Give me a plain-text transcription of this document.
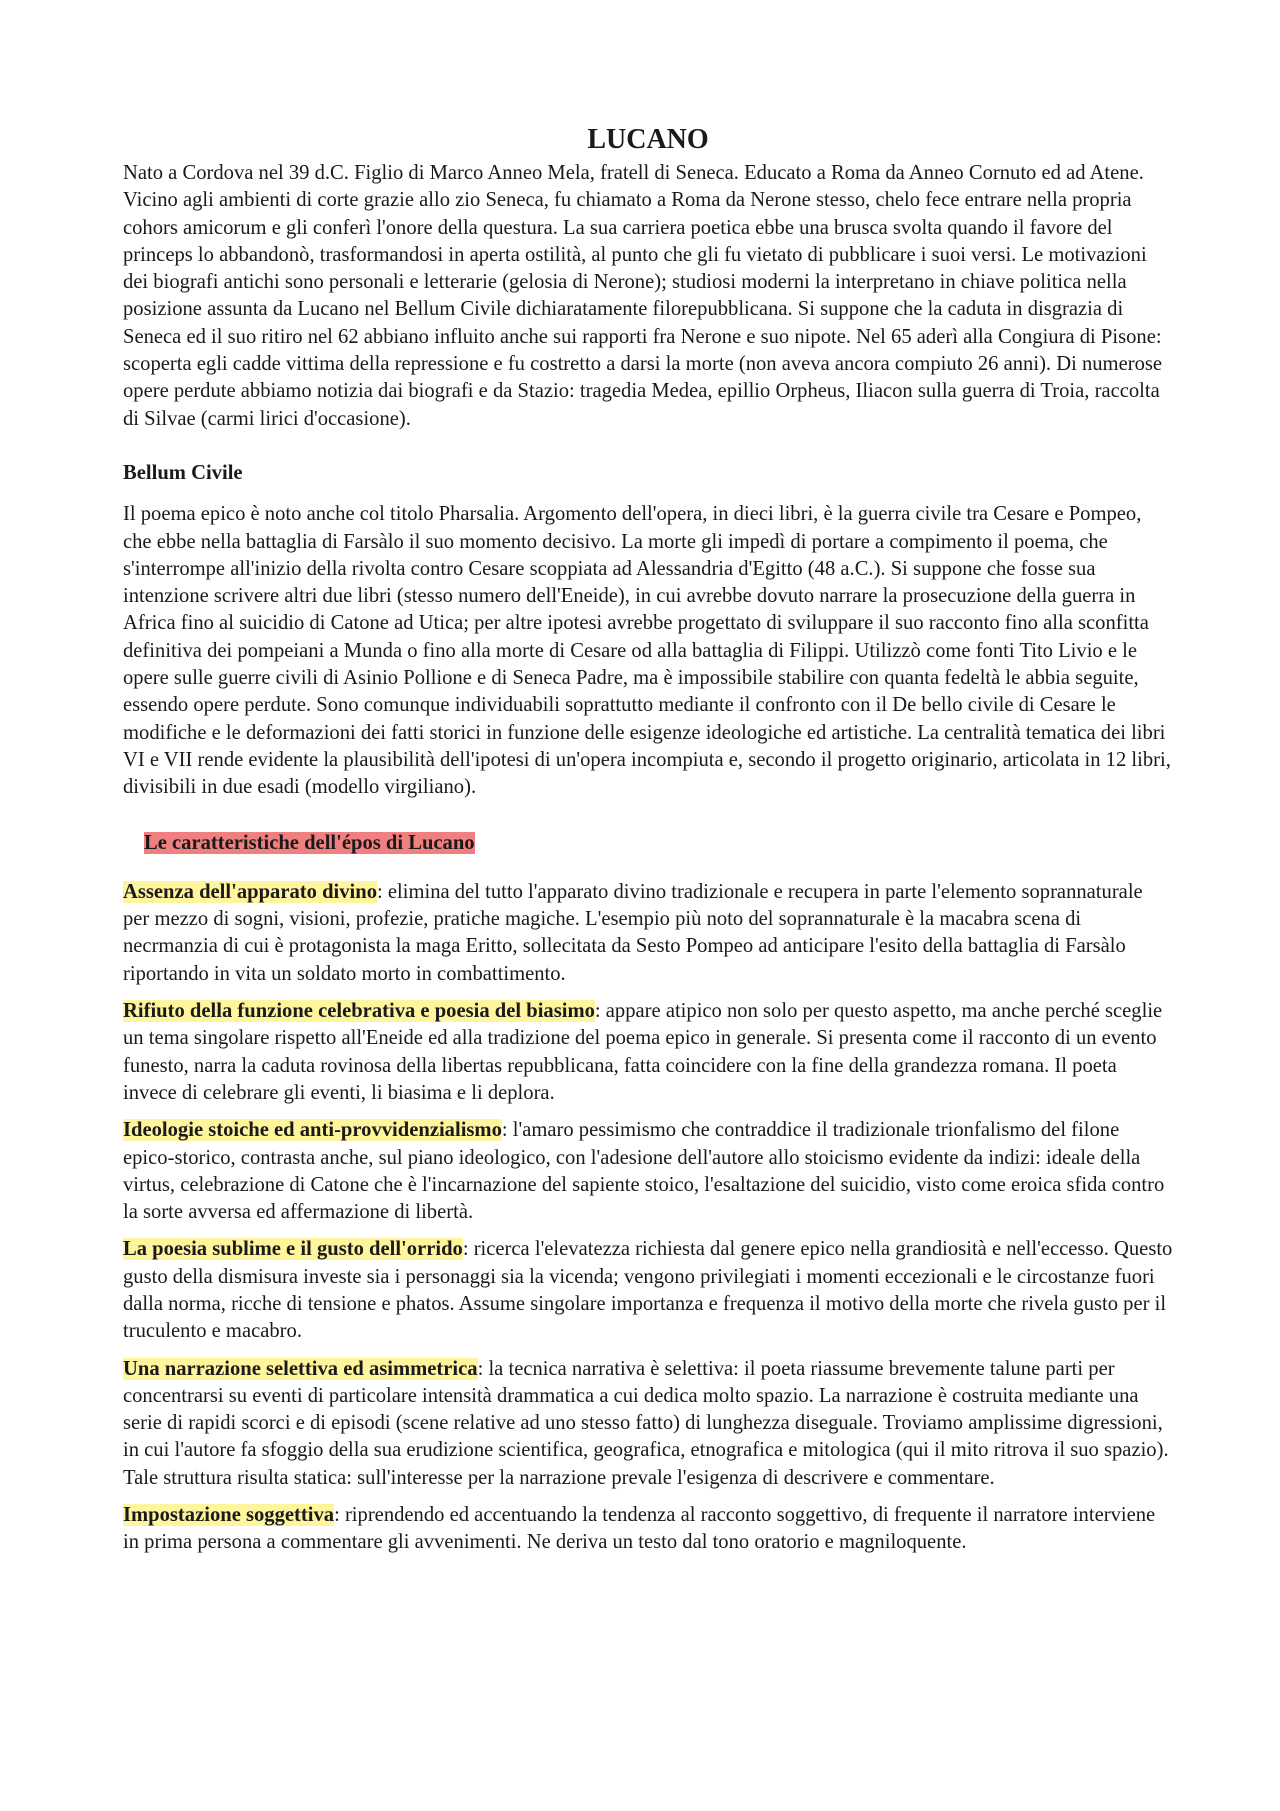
LUCANO

Nato a Cordova nel 39 d.C. Figlio di Marco Anneo Mela, fratell di Seneca. Educato a Roma da Anneo Cornuto ed ad Atene. Vicino agli ambienti di corte grazie allo zio Seneca, fu chiamato a Roma da Nerone stesso, chelo fece entrare nella propria cohors amicorum e gli conferì l'onore della questura. La sua carriera poetica ebbe una brusca svolta quando il favore del princeps lo abbandonò, trasformandosi in aperta ostilità, al punto che gli fu vietato di pubblicare i suoi versi. Le motivazioni dei biografi antichi sono personali e letterarie (gelosia di Nerone); studiosi moderni la interpretano in chiave politica nella posizione assunta da Lucano nel Bellum Civile dichiaratamente filorepubblicana. Si suppone che la caduta in disgrazia di Seneca ed il suo ritiro nel 62 abbiano influito anche sui rapporti fra Nerone e suo nipote. Nel 65 aderì alla Congiura di Pisone: scoperta egli cadde vittima della repressione e fu costretto a darsi la morte (non aveva ancora compiuto 26 anni). Di numerose opere perdute abbiamo notizia dai biografi e da Stazio: tragedia Medea, epillio Orpheus, Iliacon sulla guerra di Troia, raccolta di Silvae (carmi lirici d'occasione).

Bellum Civile

Il poema epico è noto anche col titolo Pharsalia. Argomento dell'opera, in dieci libri, è la guerra civile tra Cesare e Pompeo, che ebbe nella battaglia di Farsàlo il suo momento decisivo. La morte gli impedì di portare a compimento il poema, che s'interrompe all'inizio della rivolta contro Cesare scoppiata ad Alessandria d'Egitto (48 a.C.). Si suppone che fosse sua intenzione scrivere altri due libri (stesso numero dell'Eneide), in cui avrebbe dovuto narrare la prosecuzione della guerra in Africa fino al suicidio di Catone ad Utica; per altre ipotesi avrebbe progettato di sviluppare il suo racconto fino alla sconfitta definitiva dei pompeiani a Munda o fino alla morte di Cesare od alla battaglia di Filippi. Utilizzò come fonti Tito Livio e le opere sulle guerre civili di Asinio Pollione e di Seneca Padre, ma è impossibile stabilire con quanta fedeltà le abbia seguite, essendo opere perdute. Sono comunque individuabili soprattutto mediante il confronto con il De bello civile di Cesare le modifiche e le deformazioni dei fatti storici in funzione delle esigenze ideologiche ed artistiche. La centralità tematica dei libri VI e VII rende evidente la plausibilità dell'ipotesi di un'opera incompiuta e, secondo il progetto originario, articolata in 12 libri, divisibili in due esadi (modello virgiliano).

Le caratteristiche dell'épos di Lucano

Assenza dell'apparato divino: elimina del tutto l'apparato divino tradizionale e recupera in parte l'elemento soprannaturale per mezzo di sogni, visioni, profezie, pratiche magiche. L'esempio più noto del soprannaturale è la macabra scena di necrmanzia di cui è protagonista la maga Eritto, sollecitata da Sesto Pompeo ad anticipare l'esito della battaglia di Farsàlo riportando in vita un soldato morto in combattimento.

Rifiuto della funzione celebrativa e poesia del biasimo: appare atipico non solo per questo aspetto, ma anche perché sceglie un tema singolare rispetto all'Eneide ed alla tradizione del poema epico in generale. Si presenta come il racconto di un evento funesto, narra la caduta rovinosa della libertas repubblicana, fatta coincidere con la fine della grandezza romana. Il poeta invece di celebrare gli eventi, li biasima e li deplora.

Ideologie stoiche ed anti-provvidenzialismo: l'amaro pessimismo che contraddice il tradizionale trionfalismo del filone epico-storico, contrasta anche, sul piano ideologico, con l'adesione dell'autore allo stoicismo evidente da indizi: ideale della virtus, celebrazione di Catone che è l'incarnazione del sapiente stoico, l'esaltazione del suicidio, visto come eroica sfida contro la sorte avversa ed affermazione di libertà.

La poesia sublime e il gusto dell'orrido: ricerca l'elevatezza richiesta dal genere epico nella grandiosità e nell'eccesso. Questo gusto della dismisura investe sia i personaggi sia la vicenda; vengono privilegiati i momenti eccezionali e le circostanze fuori dalla norma, ricche di tensione e phatos. Assume singolare importanza e frequenza il motivo della morte che rivela gusto per il truculento e macabro.

Una narrazione selettiva ed asimmetrica: la tecnica narrativa è selettiva: il poeta riassume brevemente talune parti per concentrarsi su eventi di particolare intensità drammatica a cui dedica molto spazio. La narrazione è costruita mediante una serie di rapidi scorci e di episodi (scene relative ad uno stesso fatto) di lunghezza diseguale. Troviamo amplissime digressioni, in cui l'autore fa sfoggio della sua erudizione scientifica, geografica, etnografica e mitologica (qui il mito ritrova il suo spazio). Tale struttura risulta statica: sull'interesse per la narrazione prevale l'esigenza di descrivere e commentare.

Impostazione soggettiva: riprendendo ed accentuando la tendenza al racconto soggettivo, di frequente il narratore interviene in prima persona a commentare gli avvenimenti. Ne deriva un testo dal tono oratorio e magniloquente.
